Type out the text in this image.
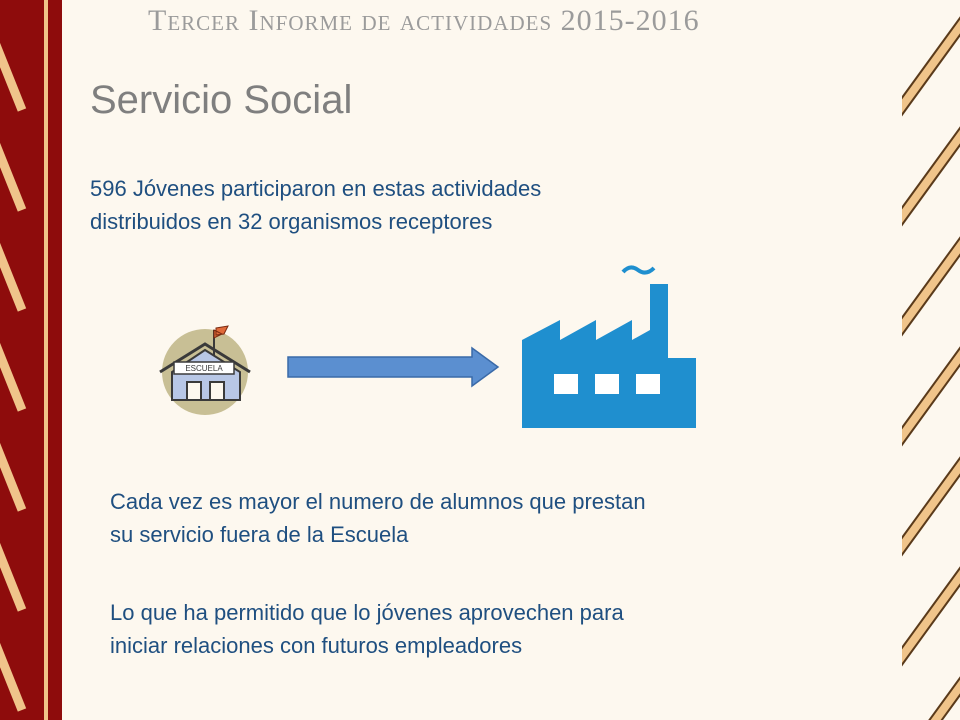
Tercer Informe de actividades 2015-2016
Servicio Social
596 Jóvenes participaron en estas actividades
distribuidos en 32 organismos receptores
ESCUELA
Cada vez es mayor el numero de alumnos que prestan
su servicio fuera de la Escuela
Lo que ha permitido que lo jóvenes aprovechen para
iniciar relaciones con futuros empleadores
